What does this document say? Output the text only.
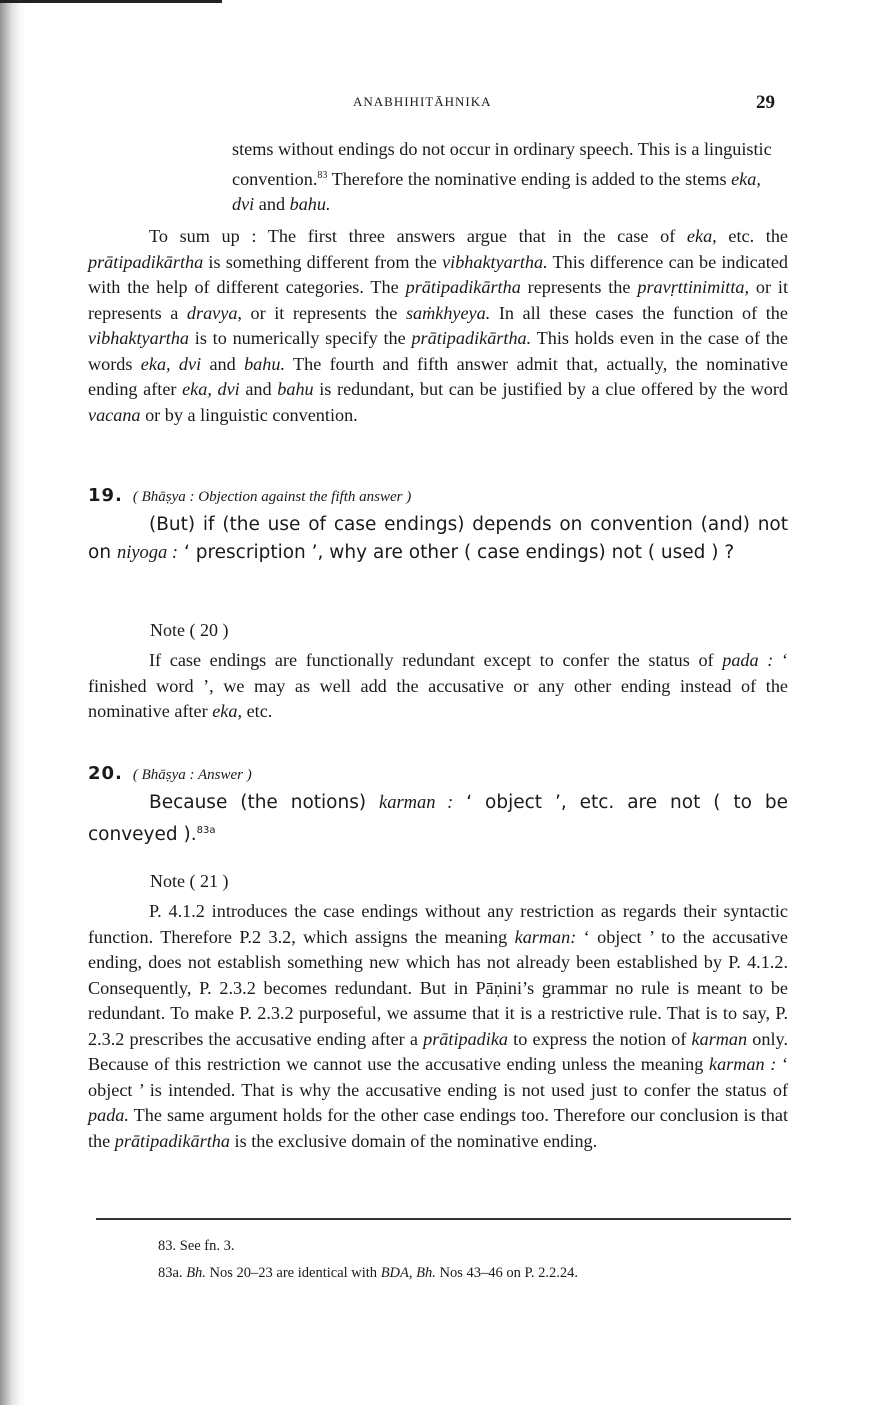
ANABHIHITĀHNIKA	29

stems without endings do not occur in ordinary speech. This is a linguistic convention.$^{83}$ Therefore the nominative ending is added to the stems eka, dvi and bahu.

To sum up : The first three answers argue that in the case of eka, etc. the prātipadikārtha is something different from the vibhaktyartha. This difference can be indicated with the help of different categories. The prātipadikārtha represents the pravṛttinimitta, or it represents a dravya, or it represents the saṁkhyeya. In all these cases the function of the vibhaktyartha is to numerically specify the prātipadikārtha. This holds even in the case of the words eka, dvi and bahu. The fourth and fifth answer admit that, actually, the nominative ending after eka, dvi and bahu is redundant, but can be justified by a clue offered by the word vacana or by a linguistic convention.

19. ( Bhāṣya : Objection against the fifth answer )

(But) if (the use of case endings) depends on convention (and) not on niyoga : ‘ prescription ’, why are other ( case endings) not ( used ) ?

Note ( 20 )

If case endings are functionally redundant except to confer the status of pada : ‘ finished word ’, we may as well add the accusative or any other ending instead of the nominative after eka, etc.

20. ( Bhāṣya : Answer )

Because (the notions) karman : ‘ object ’, etc. are not ( to be conveyed ).$^{83a}$

Note ( 21 )

P. 4.1.2 introduces the case endings without any restriction as regards their syntactic function. Therefore P.2 3.2, which assigns the meaning karman: ‘ object ’ to the accusative ending, does not establish something new which has not already been established by P. 4.1.2. Consequently, P. 2.3.2 becomes redundant. But in Pāṇini’s grammar no rule is meant to be redundant. To make P. 2.3.2 purposeful, we assume that it is a restrictive rule. That is to say, P. 2.3.2 prescribes the accusative ending after a prātipadika to express the notion of karman only. Because of this restriction we cannot use the accusative ending unless the meaning karman : ‘ object ’ is intended. That is why the accusative ending is not used just to confer the status of pada. The same argument holds for the other case endings too. Therefore our conclusion is that the prātipadikārtha is the exclusive domain of the nominative ending.

83. See fn. 3.
83a. Bh. Nos 20–23 are identical with BDA, Bh. Nos 43–46 on P. 2.2.24.
